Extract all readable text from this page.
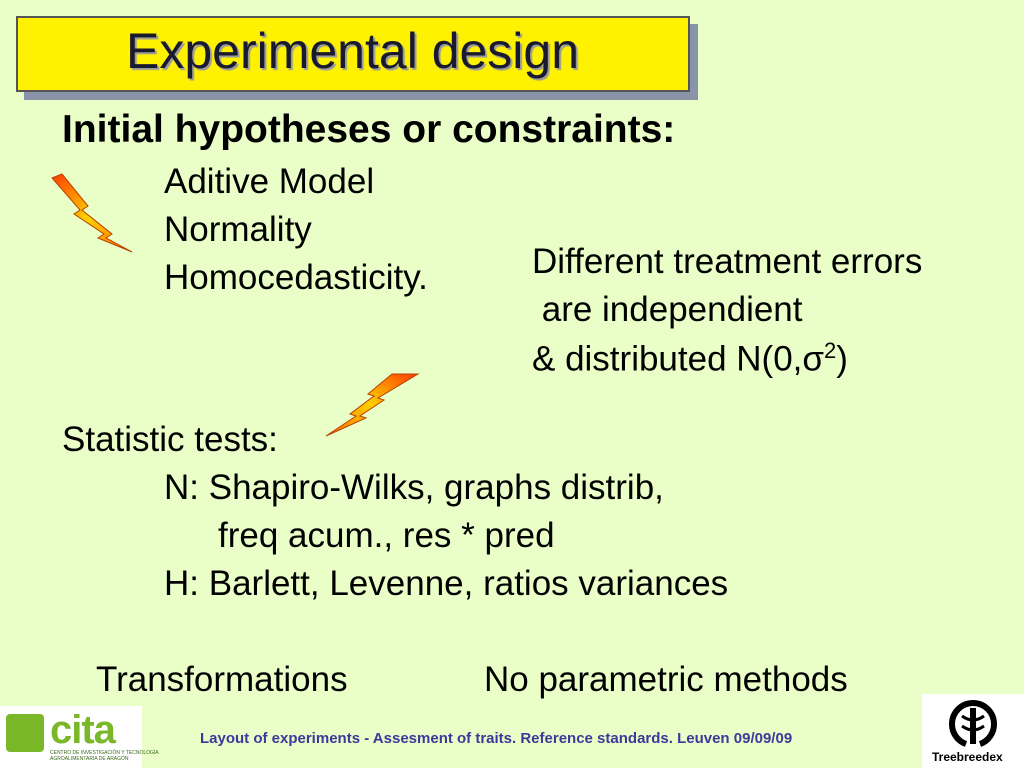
Experimental design
Initial hypotheses or constraints:
Aditive Model
Normality
Homocedasticity.	Different treatment errors
are independient
& distributed $N(0,\sigma^2)$
Statistic tests:
N: Shapiro-Wilks, graphs distrib,
freq acum., res * pred
H: Barlett, Levenne, ratios variances
Transformations	No parametric methods
cita
CENTRO DE INVESTIGACIÓN Y TECNOLOGÍA
AGROALIMENTARIA DE ARAGÓN
Layout of experiments - Assesment of traits. Reference standards. Leuven 09/09/09
Treebreedex
